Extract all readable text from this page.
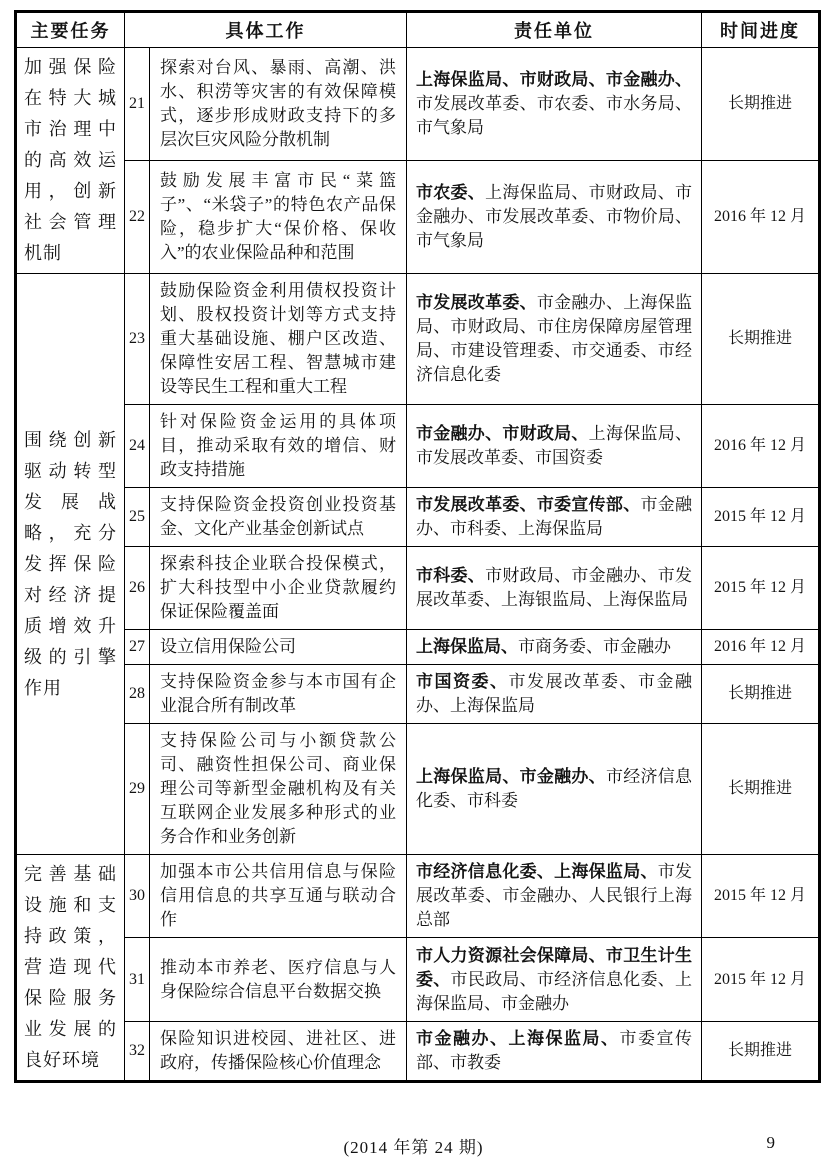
主要任务	具体工作		责任单位	时间进度
加强保险在特大城市治理中的高效运用，创新社会管理机制	21	探索对台风、暴雨、高潮、洪水、积涝等灾害的有效保障模式，逐步形成财政支持下的多层次巨灾风险分散机制	上海保监局、市财政局、市金融办、市发展改革委、市农委、市水务局、市气象局	长期推进
	22	鼓励发展丰富市民“菜篮子”、“米袋子”的特色农产品保险，稳步扩大“保价格、保收入”的农业保险品种和范围	市农委、上海保监局、市财政局、市金融办、市发展改革委、市物价局、市气象局	2016 年 12 月
围绕创新驱动转型发展战略，充分发挥保险对经济提质增效升级的引擎作用	23	鼓励保险资金利用债权投资计划、股权投资计划等方式支持重大基础设施、棚户区改造、保障性安居工程、智慧城市建设等民生工程和重大工程	市发展改革委、市金融办、上海保监局、市财政局、市住房保障房屋管理局、市建设管理委、市交通委、市经济信息化委	长期推进
	24	针对保险资金运用的具体项目，推动采取有效的增信、财政支持措施	市金融办、市财政局、上海保监局、市发展改革委、市国资委	2016 年 12 月
	25	支持保险资金投资创业投资基金、文化产业基金创新试点	市发展改革委、市委宣传部、市金融办、市科委、上海保监局	2015 年 12 月
	26	探索科技企业联合投保模式，扩大科技型中小企业贷款履约保证保险覆盖面	市科委、市财政局、市金融办、市发展改革委、上海银监局、上海保监局	2015 年 12 月
	27	设立信用保险公司	上海保监局、市商务委、市金融办	2016 年 12 月
	28	支持保险资金参与本市国有企业混合所有制改革	市国资委、市发展改革委、市金融办、上海保监局	长期推进
	29	支持保险公司与小额贷款公司、融资性担保公司、商业保理公司等新型金融机构及有关互联网企业发展多种形式的业务合作和业务创新	上海保监局、市金融办、市经济信息化委、市科委	长期推进
完善基础设施和支持政策，营造现代保险服务业发展的良好环境	30	加强本市公共信用信息与保险信用信息的共享互通与联动合作	市经济信息化委、上海保监局、市发展改革委、市金融办、人民银行上海总部	2015 年 12 月
	31	推动本市养老、医疗信息与人身保险综合信息平台数据交换	市人力资源社会保障局、市卫生计生委、市民政局、市经济信息化委、上海保监局、市金融办	2015 年 12 月
	32	保险知识进校园、进社区、进政府，传播保险核心价值理念	市金融办、上海保监局、市委宣传部、市教委	长期推进
(2014 年第 24 期)	9
